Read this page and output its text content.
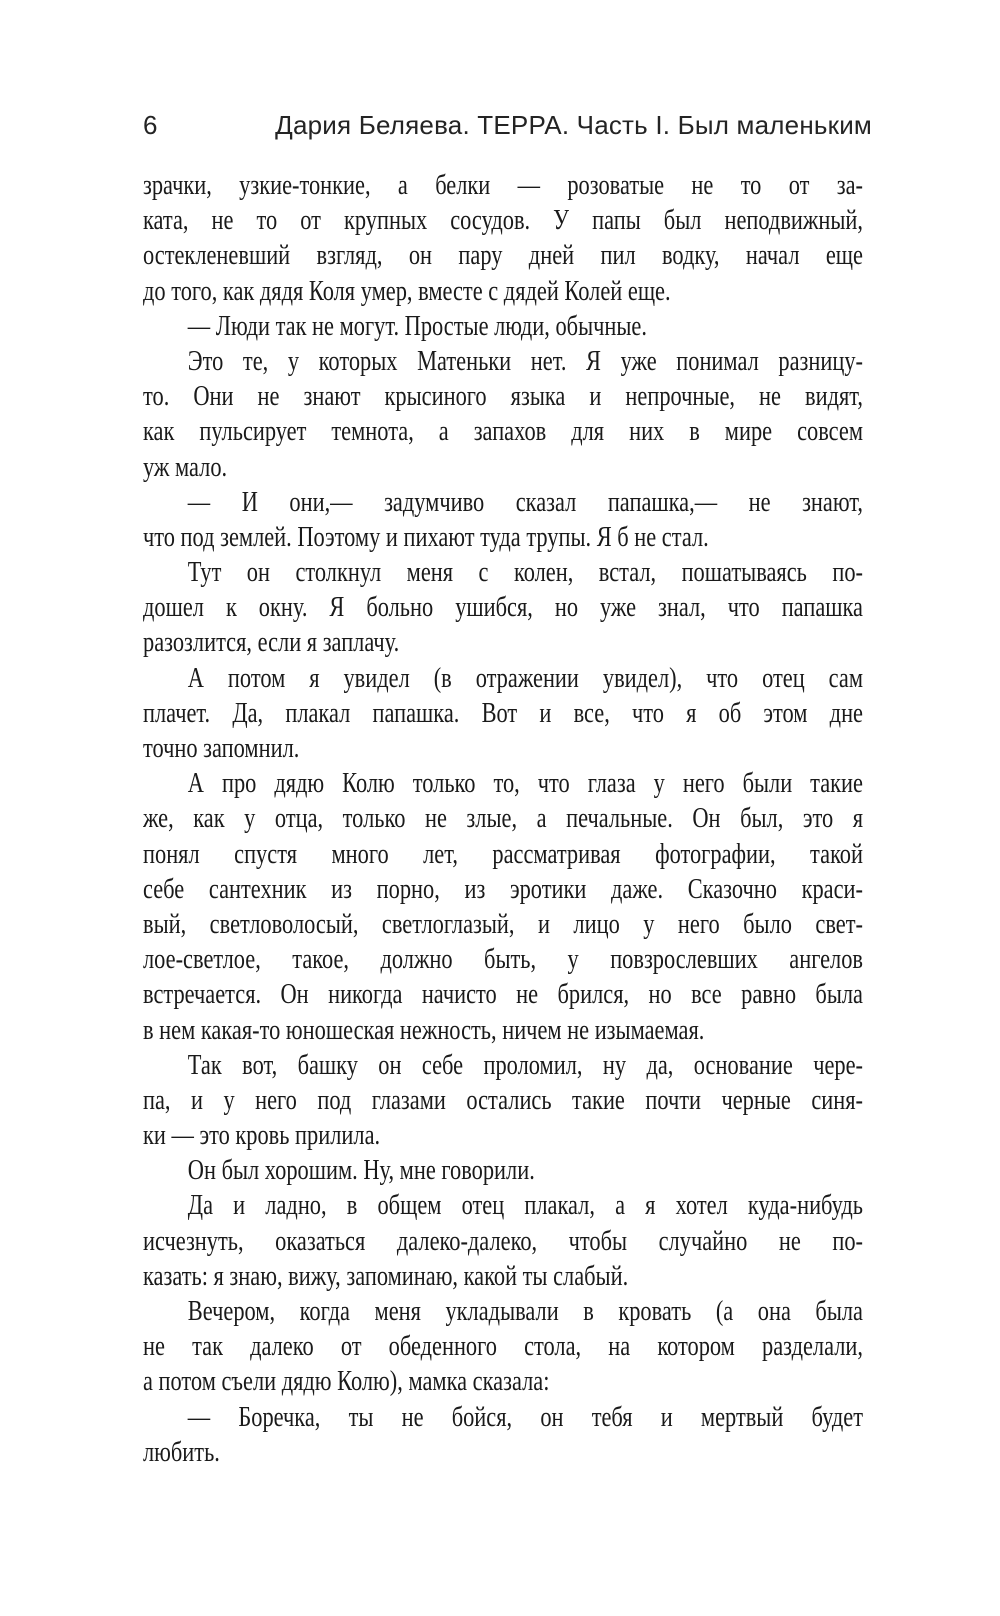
6	Дария Беляева. ТЕРРА. Часть I. Был маленьким
зрачки, узкие-тонкие, а белки — розоватые не то от за-
ката, не то от крупных сосудов. У папы был неподвижный,
остекленевший взгляд, он пару дней пил водку, начал еще
до того, как дядя Коля умер, вместе с дядей Колей еще.
— Люди так не могут. Простые люди, обычные.
Это те, у которых Матеньки нет. Я уже понимал разницу-
то. Они не знают крысиного языка и непрочные, не видят,
как пульсирует темнота, а запахов для них в мире совсем
уж мало.
— И они,— задумчиво сказал папашка,— не знают,
что под землей. Поэтому и пихают туда трупы. Я б не стал.
Тут он столкнул меня с колен, встал, пошатываясь по-
дошел к окну. Я больно ушибся, но уже знал, что папашка
разозлится, если я заплачу.
А потом я увидел (в отражении увидел), что отец сам
плачет. Да, плакал папашка. Вот и все, что я об этом дне
точно запомнил.
А про дядю Колю только то, что глаза у него были такие
же, как у отца, только не злые, а печальные. Он был, это я
понял спустя много лет, рассматривая фотографии, такой
себе сантехник из порно, из эротики даже. Сказочно краси-
вый, светловолосый, светлоглазый, и лицо у него было свет-
лое-светлое, такое, должно быть, у повзрослевших ангелов
встречается. Он никогда начисто не брился, но все равно была
в нем какая-то юношеская нежность, ничем не изымаемая.
Так вот, башку он себе проломил, ну да, основание чере-
па, и у него под глазами остались такие почти черные синя-
ки — это кровь прилила.
Он был хорошим. Ну, мне говорили.
Да и ладно, в общем отец плакал, а я хотел куда-нибудь
исчезнуть, оказаться далеко-далеко, чтобы случайно не по-
казать: я знаю, вижу, запоминаю, какой ты слабый.
Вечером, когда меня укладывали в кровать (а она была
не так далеко от обеденного стола, на котором разделали,
а потом съели дядю Колю), мамка сказала:
— Боречка, ты не бойся, он тебя и мертвый будет
любить.
